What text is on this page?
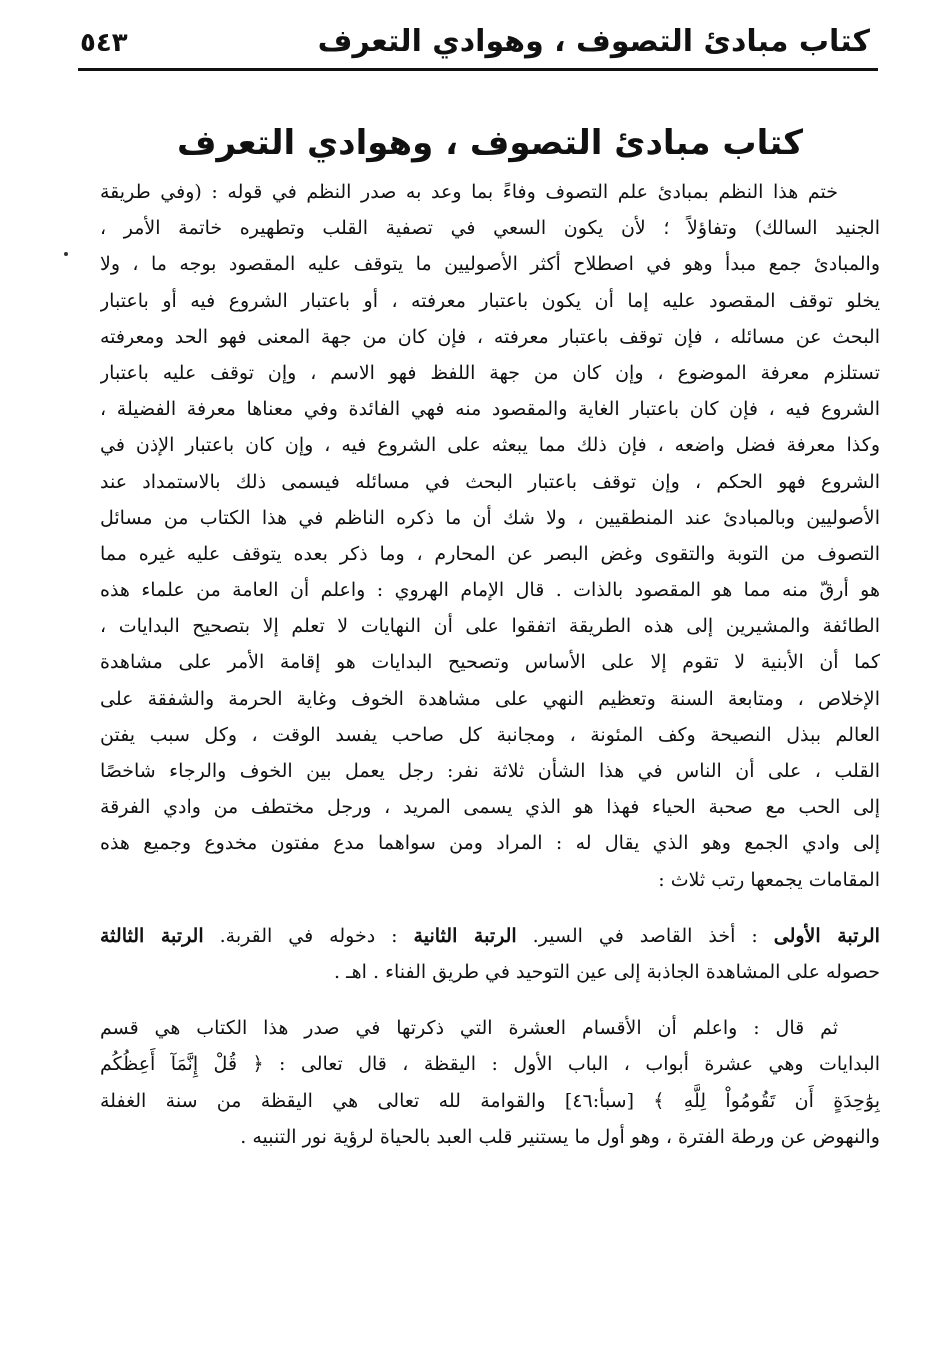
كتاب مبادئ التصوف ، وهوادي التعرف
٥٤٣
كتاب مبادئ التصوف ، وهوادي التعرف
ختم هذا النظم بمبادئ علم التصوف وفاءً بما وعد به صدر النظم في قوله : (وفي طريقة
الجنيد السالك) وتفاؤلاً ؛ لأن يكون السعي في تصفية القلب وتطهيره خاتمة الأمر ،
والمبادئ جمع مبدأ وهو في اصطلاح أكثر الأصوليين ما يتوقف عليه المقصود بوجه ما ، ولا
يخلو توقف المقصود عليه إما أن يكون باعتبار معرفته ، أو باعتبار الشروع فيه أو باعتبار
البحث عن مسائله ، فإن توقف باعتبار معرفته ، فإن كان من جهة المعنى فهو الحد ومعرفته
تستلزم معرفة الموضوع ، وإن كان من جهة اللفظ فهو الاسم ، وإن توقف عليه باعتبار
الشروع فيه ، فإن كان باعتبار الغاية والمقصود منه فهي الفائدة وفي معناها معرفة الفضيلة ،
وكذا معرفة فضل واضعه ، فإن ذلك مما يبعثه على الشروع فيه ، وإن كان باعتبار الإذن في
الشروع فهو الحكم ، وإن توقف باعتبار البحث في مسائله فيسمى ذلك بالاستمداد عند
الأصوليين وبالمبادئ عند المنطقيين ، ولا شك أن ما ذكره الناظم في هذا الكتاب من مسائل
التصوف من التوبة والتقوى وغض البصر عن المحارم ، وما ذكر بعده يتوقف عليه غيره مما
هو أرقّ منه مما هو المقصود بالذات . قال الإمام الهروي : واعلم أن العامة من علماء هذه
الطائفة والمشيرين إلى هذه الطريقة اتفقوا على أن النهايات لا تعلم إلا بتصحيح البدايات ،
كما أن الأبنية لا تقوم إلا على الأساس وتصحيح البدايات هو إقامة الأمر على مشاهدة
الإخلاص ، ومتابعة السنة وتعظيم النهي على مشاهدة الخوف وغاية الحرمة والشفقة على
العالم ببذل النصيحة وكف المئونة ، ومجانبة كل صاحب يفسد الوقت ، وكل سبب يفتن
القلب ، على أن الناس في هذا الشأن ثلاثة نفر: رجل يعمل بين الخوف والرجاء شاخصًا
إلى الحب مع صحبة الحياء فهذا هو الذي يسمى المريد ، ورجل مختطف من وادي الفرقة
إلى وادي الجمع وهو الذي يقال له : المراد ومن سواهما مدع مفتون مخدوع وجميع هذه
المقامات يجمعها رتب ثلاث :
الرتبة الأولى : أخذ القاصد في السير. الرتبة الثانية : دخوله في القربة. الرتبة الثالثة
حصوله على المشاهدة الجاذبة إلى عين التوحيد في طريق الفناء . اهـ .
ثم قال : واعلم أن الأقسام العشرة التي ذكرتها في صدر هذا الكتاب هي قسم
البدايات وهي عشرة أبواب ، الباب الأول : اليقظة ، قال تعالى : ﴿ قُلْ إِنَّمَآ أَعِظُكُم
بِوَٰحِدَةٍ أَن تَقُومُواْ لِلَّهِ ﴾ [سبأ:٤٦] والقوامة لله تعالى هي اليقظة من سنة الغفلة
والنهوض عن ورطة الفترة ، وهو أول ما يستنير قلب العبد بالحياة لرؤية نور التنبيه .
